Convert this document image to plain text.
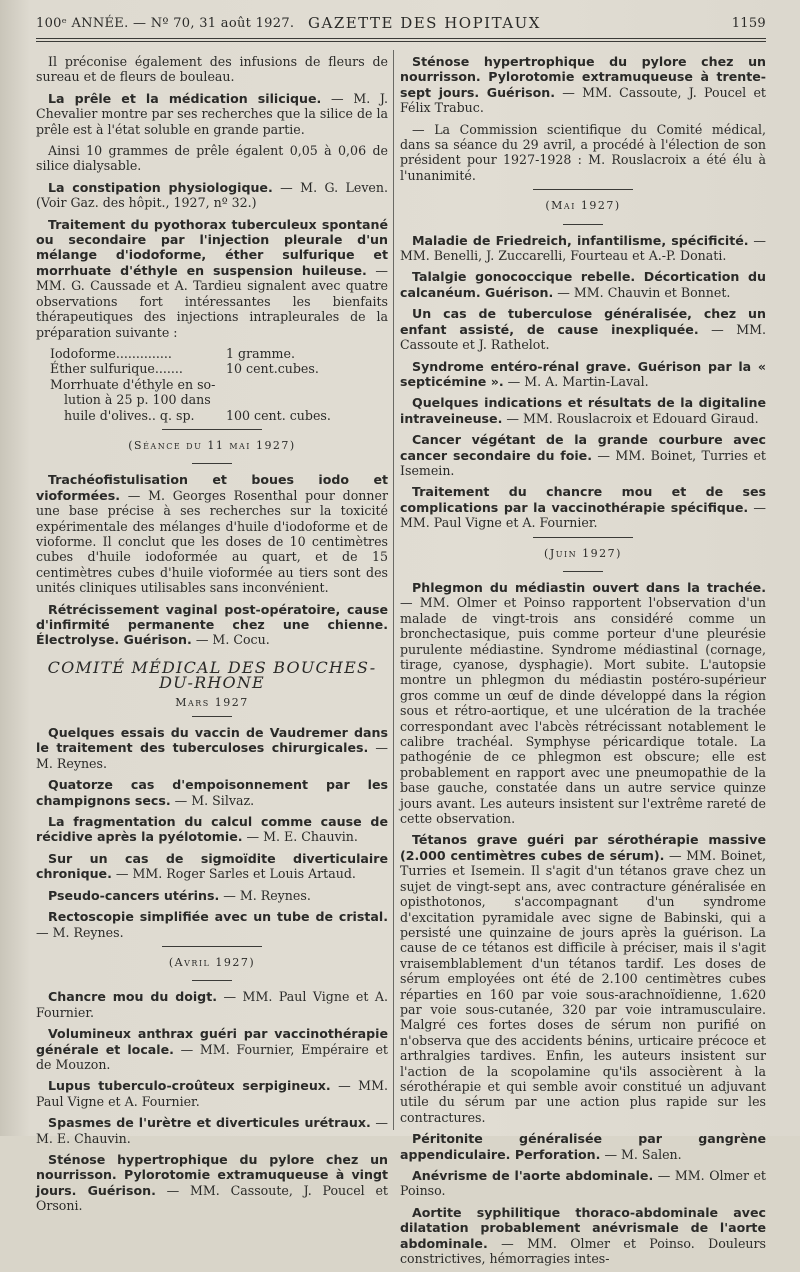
100ᵉ ANNÉE. — Nº 70, 31 août 1927. GAZETTE DES HOPITAUX	1159

Il préconise également des infusions de fleurs de sureau et de fleurs de bouleau.

La prêle et la médication silicique. — M. J. Chevalier montre par ses recherches que la silice de la prêle est à l'état soluble en grande partie.

Ainsi 10 grammes de prêle égalent 0,05 à 0,06 de silice dialysable.

La constipation physiologique. — M. G. Leven. (Voir Gaz. des hôpit., 1927, nº 32.)

Traitement du pyothorax tuberculeux spontané ou secondaire par l'injection pleurale d'un mélange d'iodoforme, éther sulfurique et morrhuate d'éthyle en suspension huileuse. — MM. G. Caussade et A. Tardieu signalent avec quatre observations fort intéressantes les bienfaits thérapeutiques des injections intrapleurales de la préparation suivante :

Iodoforme..............	1 gramme.
Éther sulfurique.......	10 cent.cubes.
Morrhuate d'éthyle en so-
lution à 25 p. 100 dans
huile d'olives.. q. sp.	100 cent. cubes.
(Séance du 11 mai 1927)

Trachéofistulisation et boues iodo et vioformées. — M. Georges Rosenthal pour donner une base précise à ses recherches sur la toxicité expérimentale des mélanges d'huile d'iodoforme et de vioforme. Il conclut que les doses de 10 centimètres cubes d'huile iodoformée au quart, et de 15 centimètres cubes d'huile vioformée au tiers sont des unités cliniques utilisables sans inconvénient.

Rétrécissement vaginal post-opératoire, cause d'infirmité permanente chez une chienne. Électrolyse. Guérison. — M. Cocu.

COMITÉ MÉDICAL DES BOUCHES-DU-RHONE
Mars 1927

Quelques essais du vaccin de Vaudremer dans le traitement des tuberculoses chirurgicales. — M. Reynes.

Quatorze cas d'empoisonnement par les champignons secs. — M. Silvaz.

La fragmentation du calcul comme cause de récidive après la pyélotomie. — M. E. Chauvin.

Sur un cas de sigmoïdite diverticulaire chronique. — MM. Roger Sarles et Louis Artaud.

Pseudo-cancers utérins. — M. Reynes.

Rectoscopie simplifiée avec un tube de cristal. — M. Reynes.

(Avril 1927)

Chancre mou du doigt. — MM. Paul Vigne et A. Fournier.

Volumineux anthrax guéri par vaccinothérapie générale et locale. — MM. Fournier, Empéraire et de Mouzon.

Lupus tuberculo-croûteux serpigineux. — MM. Paul Vigne et A. Fournier.

Spasmes de l'urètre et diverticules urétraux. — M. E. Chauvin.

Sténose hypertrophique du pylore chez un nourrisson. Pylorotomie extramuqueuse à vingt jours. Guérison. — MM. Cassoute, J. Poucel et Orsoni.

Sténose hypertrophique du pylore chez un nourrisson. Pylorotomie extramuqueuse à trente-sept jours. Guérison. — MM. Cassoute, J. Poucel et Félix Trabuc.

— La Commission scientifique du Comité médical, dans sa séance du 29 avril, a procédé à l'élection de son président pour 1927-1928 : M. Rouslacroix a été élu à l'unanimité.

(Mai 1927)

Maladie de Friedreich, infantilisme, spécificité. — MM. Benelli, J. Zuccarelli, Fourteau et A.-P. Donati.

Talalgie gonococcique rebelle. Décortication du calcanéum. Guérison. — MM. Chauvin et Bonnet.

Un cas de tuberculose généralisée, chez un enfant assisté, de cause inexpliquée. — MM. Cassoute et J. Rathelot.

Syndrome entéro-rénal grave. Guérison par la « septicémine ». — M. A. Martin-Laval.

Quelques indications et résultats de la digitaline intraveineuse. — MM. Rouslacroix et Edouard Giraud.

Cancer végétant de la grande courbure avec cancer secondaire du foie. — MM. Boinet, Turries et Isemein.

Traitement du chancre mou et de ses complications par la vaccinothérapie spécifique. — MM. Paul Vigne et A. Fournier.

(Juin 1927)

Phlegmon du médiastin ouvert dans la trachée. — MM. Olmer et Poinso rapportent l'observation d'un malade de vingt-trois ans considéré comme un bronchectasique, puis comme porteur d'une pleurésie purulente médiastine. Syndrome médiastinal (cornage, tirage, cyanose, dysphagie). Mort subite. L'autopsie montre un phlegmon du médiastin postéro-supérieur gros comme un œuf de dinde développé dans la région sous et rétro-aortique, et une ulcération de la trachée correspondant avec l'abcès rétrécissant notablement le calibre trachéal. Symphyse péricardique totale. La pathogénie de ce phlegmon est obscure; elle est probablement en rapport avec une pneumopathie de la base gauche, constatée dans un autre service quinze jours avant. Les auteurs insistent sur l'extrême rareté de cette observation.

Tétanos grave guéri par sérothérapie massive (2.000 centimètres cubes de sérum). — MM. Boinet, Turries et Isemein. Il s'agit d'un tétanos grave chez un sujet de vingt-sept ans, avec contracture généralisée en opisthotonos, s'accompagnant d'un syndrome d'excitation pyramidale avec signe de Babinski, qui a persisté une quinzaine de jours après la guérison. La cause de ce tétanos est difficile à préciser, mais il s'agit vraisemblablement d'un tétanos tardif. Les doses de sérum employées ont été de 2.100 centimètres cubes réparties en 160 par voie sous-arachnoïdienne, 1.620 par voie sous-cutanée, 320 par voie intramusculaire. Malgré ces fortes doses de sérum non purifié on n'observa que des accidents bénins, urticaire précoce et arthralgies tardives. Enfin, les auteurs insistent sur l'action de la scopolamine qu'ils associèrent à la sérothérapie et qui semble avoir constitué un adjuvant utile du sérum par une action plus rapide sur les contractures.

Péritonite généralisée par gangrène appendiculaire. Perforation. — M. Salen.

Anévrisme de l'aorte abdominale. — MM. Olmer et Poinso.

Aortite syphilitique thoraco-abdominale avec dilatation probablement anévrismale de l'aorte abdominale. — MM. Olmer et Poinso. Douleurs constrictives, hémorragies intes-
